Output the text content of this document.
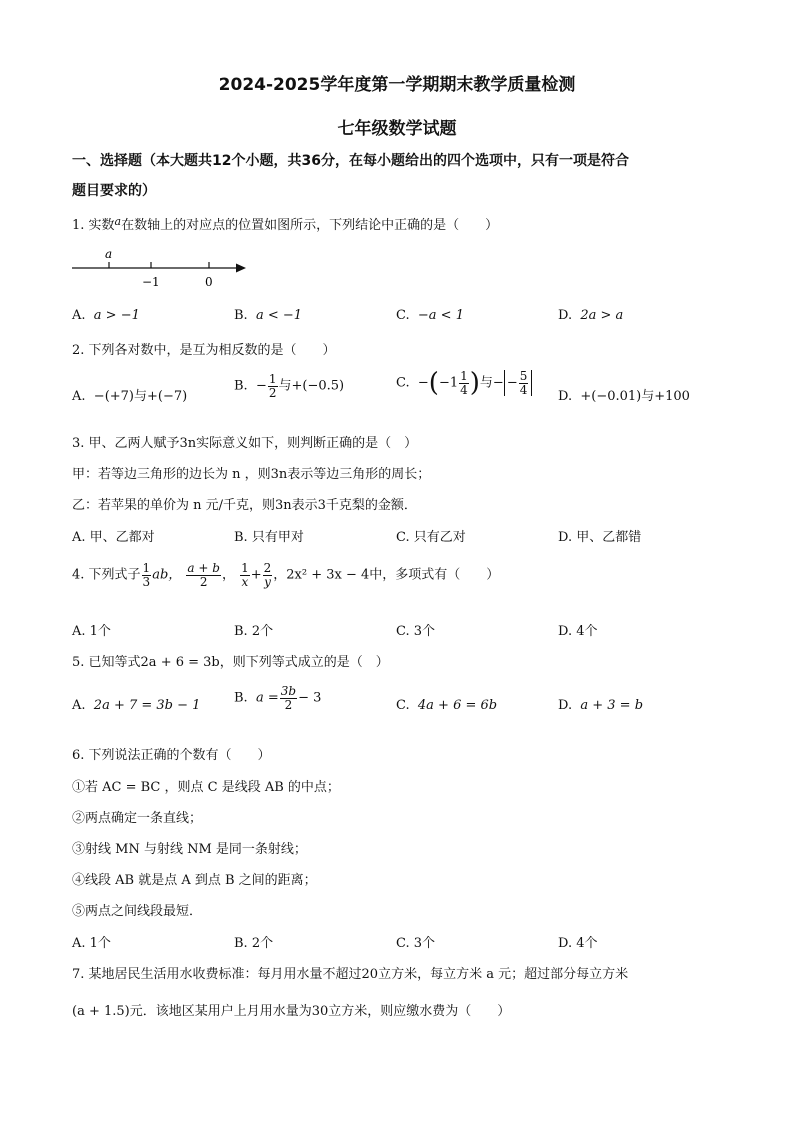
2024-2025学年度第一学期期末教学质量检测
七年级数学试题
一、选择题（本大题共12个小题，共36分，在每小题给出的四个选项中，只有一项是符合
题目要求的）
1. 实数$^a$在数轴上的对应点的位置如图所示，下列结论中正确的是（　　）
a
−1	0
A. a > −1	B. a < −1	C. −a < 1	D. 2a > a
2. 下列各对数中，是互为相反数的是（　　）
A. −(+7)与+(−7)
B. − $\frac{1}{2}$ 与+(−0.5)	C. $-(-1 \frac{1}{4}$ )与− − $\frac{5}{4}$
D. +(−0.01)与+100
3. 甲、乙两人赋予3n实际意义如下，则判断正确的是（　）
甲：若等边三角形的边长为 n ，则3n表示等边三角形的周长；
乙：若苹果的单价为 n 元/千克，则3n表示3千克梨的金额．
A. 甲、乙都对	B. 只有甲对	C. 只有乙对	D. 甲、乙都错
4. 下列式子 $\frac{1}{3}$ ab， $\frac{a + b}{2}$ ， $\frac{1}{x} + \frac{2}{y}$ ，2x² + 3x − 4中，多项式有（　　）
A. 1个	B. 2个	C. 3个	D. 4个
5. 已知等式2a + 6 = 3b，则下列等式成立的是（　）
A. 2a + 7 = 3b − 1	B. $a = \frac{3b}{2} - 3$	C. 4a + 6 = 6b	D. a + 3 = b
6. 下列说法正确的个数有（　　）
①若 AC = BC ，则点 C 是线段 AB 的中点；
②两点确定一条直线；
③射线 MN 与射线 NM 是同一条射线；
④线段 AB 就是点 A 到点 B 之间的距离；
⑤两点之间线段最短．
A. 1个	B. 2个	C. 3个	D. 4个
7. 某地居民生活用水收费标准：每月用水量不超过20立方米，每立方米 a 元；超过部分每立方米
(a + 1.5)元．该地区某用户上月用水量为30立方米，则应缴水费为（　　）
